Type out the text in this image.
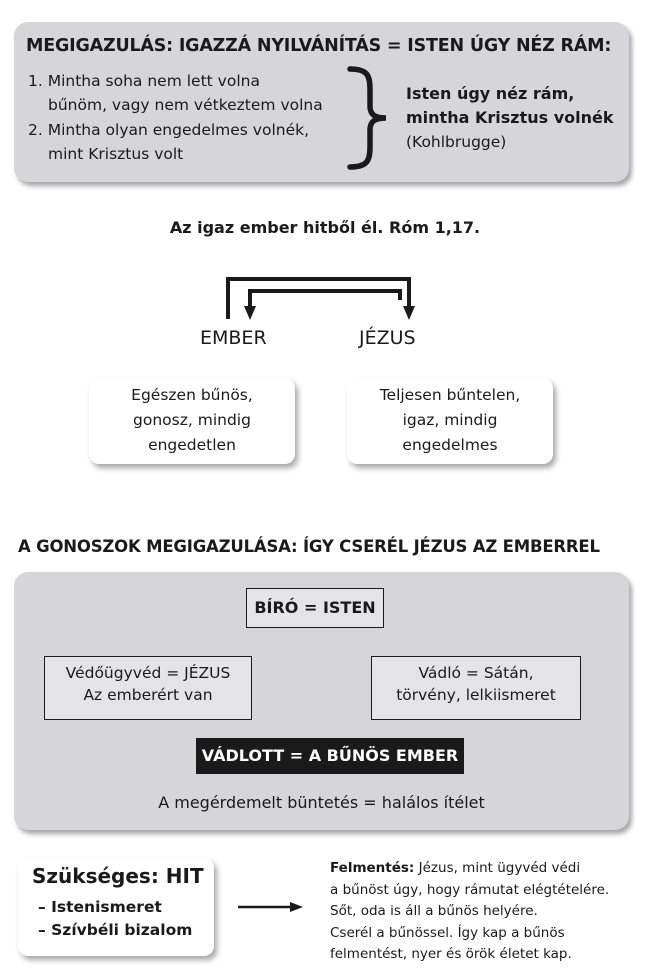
MEGIGAZULÁS: IGAZZÁ NYILVÁNÍTÁS = ISTEN ÚGY NÉZ RÁM:
1. Mintha soha nem lett volna
bűnöm, vagy nem vétkeztem volna
2. Mintha olyan engedelmes volnék,
mint Krisztus volt
Isten úgy néz rám,
mintha Krisztus volnék
(Kohlbrugge)
Az igaz ember hitből él. Róm 1,17.
EMBER	JÉZUS
Egészen bűnös,
gonosz, mindig
engedetlen
Teljesen bűntelen,
igaz, mindig
engedelmes
A GONOSZOK MEGIGAZULÁSA: ÍGY CSERÉL JÉZUS AZ EMBERREL
BÍRÓ = ISTEN
Védőügyvéd = JÉZUS
Az emberért van
Vádló = Sátán,
törvény, lelkiismeret
VÁDLOTT = A BŰNÖS EMBER
A megérdemelt büntetés = halálos ítélet
Szükséges: HIT
– Istenismeret
– Szívbéli bizalom
Felmentés: Jézus, mint ügyvéd védi
a bűnöst úgy, hogy rámutat elégtételére.
Sőt, oda is áll a bűnös helyére.
Cserél a bűnössel. Így kap a bűnös
felmentést, nyer és örök életet kap.
